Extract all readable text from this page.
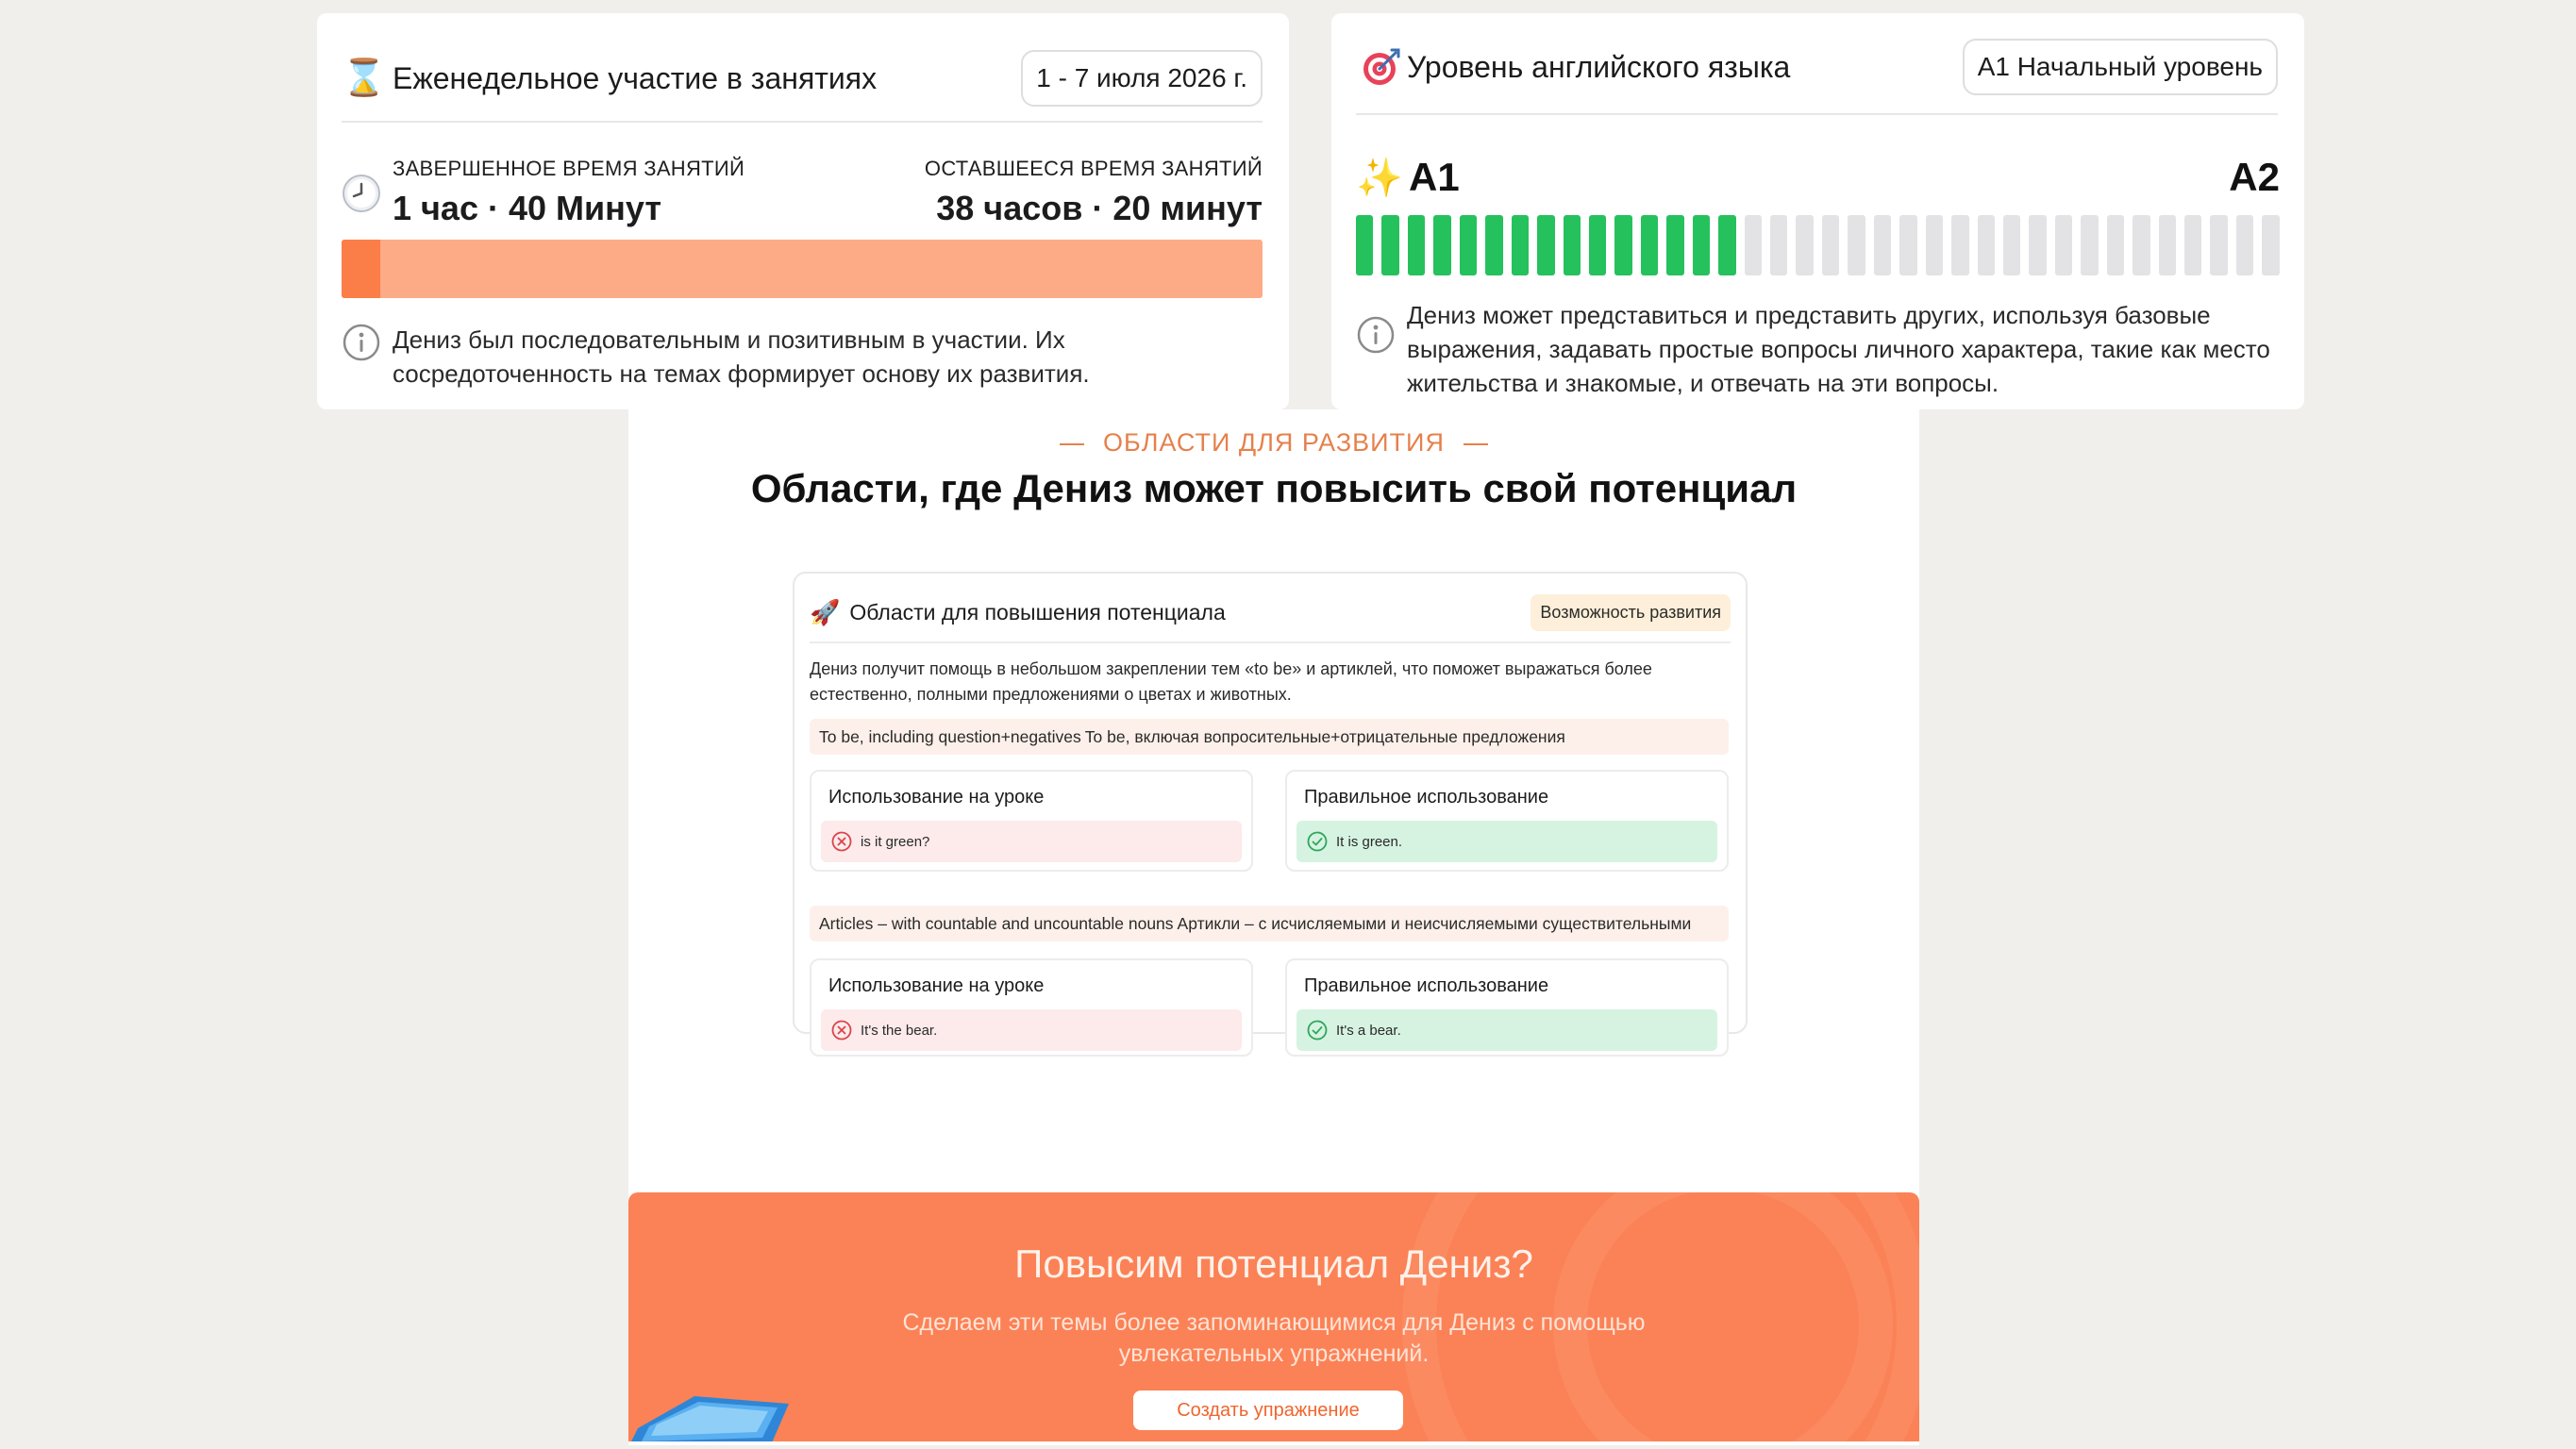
⌛ Еженедельное участие в занятиях	1 - 7 июля 2026 г.
ЗАВЕРШЕННОЕ ВРЕМЯ ЗАНЯТИЙ
1 час · 40 Минут
ОСТАВШЕЕСЯ ВРЕМЯ ЗАНЯТИЙ
38 часов · 20 минут
Дениз был последовательным и позитивным в участии. Их сосредоточенность на темах формирует основу их развития.
Уровень английского языка	A1 Начальный уровень
✨ A1	A2
Дениз может представиться и представить других, используя базовые выражения, задавать простые вопросы личного характера, такие как место жительства и знакомые, и отвечать на эти вопросы.
ОБЛАСТИ ДЛЯ РАЗВИТИЯ
Области, где Дениз может повысить свой потенциал
🚀 Области для повышения потенциала	Возможность развития
Дениз получит помощь в небольшом закреплении тем «to be» и артиклей, что поможет выражаться более естественно, полными предложениями о цветах и животных.
To be, including question+negatives To be, включая вопросительные+отрицательные предложения
Использование на уроке
is it green?
Правильное использование
It is green.
Articles – with countable and uncountable nouns Артикли – с исчисляемыми и неисчисляемыми существительными
Использование на уроке
It's the bear.
Правильное использование
It's a bear.
Повысим потенциал Дениз?
Сделаем эти темы более запоминающимися для Дениз с помощью увлекательных упражнений.
Создать упражнение
